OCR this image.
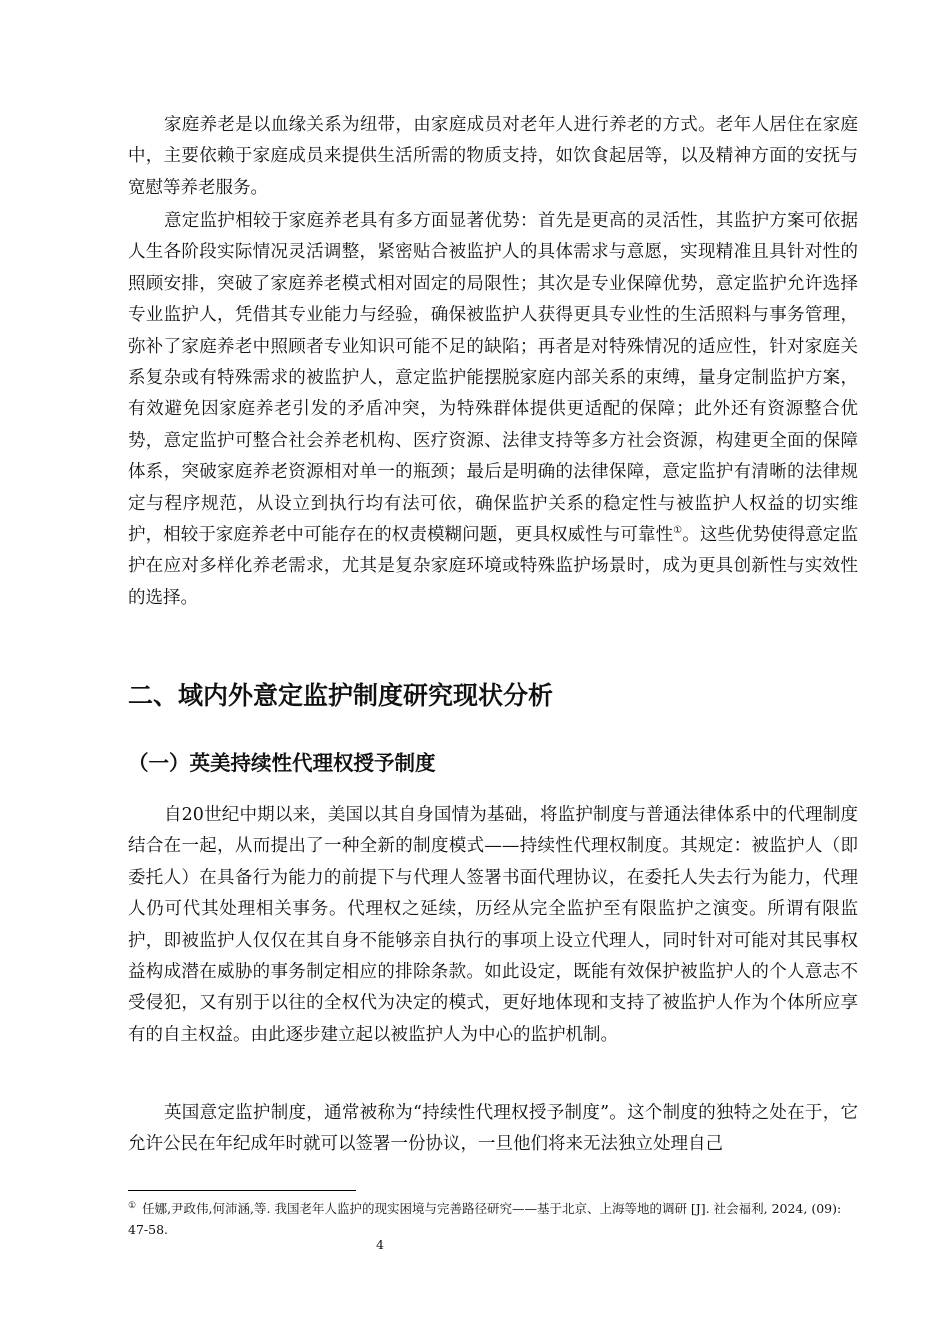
家庭养老是以血缘关系为纽带，由家庭成员对老年人进行养老的方式。老年人居住在家庭中，主要依赖于家庭成员来提供生活所需的物质支持，如饮食起居等，以及精神方面的安抚与宽慰等养老服务。

意定监护相较于家庭养老具有多方面显著优势：首先是更高的灵活性，其监护方案可依据人生各阶段实际情况灵活调整，紧密贴合被监护人的具体需求与意愿，实现精准且具针对性的照顾安排，突破了家庭养老模式相对固定的局限性；其次是专业保障优势，意定监护允许选择专业监护人，凭借其专业能力与经验，确保被监护人获得更具专业性的生活照料与事务管理，弥补了家庭养老中照顾者专业知识可能不足的缺陷；再者是对特殊情况的适应性，针对家庭关系复杂或有特殊需求的被监护人，意定监护能摆脱家庭内部关系的束缚，量身定制监护方案，有效避免因家庭养老引发的矛盾冲突，为特殊群体提供更适配的保障；此外还有资源整合优势，意定监护可整合社会养老机构、医疗资源、法律支持等多方社会资源，构建更全面的保障体系，突破家庭养老资源相对单一的瓶颈；最后是明确的法律保障，意定监护有清晰的法律规定与程序规范，从设立到执行均有法可依，确保监护关系的稳定性与被监护人权益的切实维护，相较于家庭养老中可能存在的权责模糊问题，更具权威性与可靠性①。这些优势使得意定监护在应对多样化养老需求，尤其是复杂家庭环境或特殊监护场景时，成为更具创新性与实效性的选择。

二、域内外意定监护制度研究现状分析
（一）英美持续性代理权授予制度

自20世纪中期以来，美国以其自身国情为基础，将监护制度与普通法律体系中的代理制度结合在一起，从而提出了一种全新的制度模式——持续性代理权制度。其规定：被监护人（即委托人）在具备行为能力的前提下与代理人签署书面代理协议，在委托人失去行为能力，代理人仍可代其处理相关事务。代理权之延续，历经从完全监护至有限监护之演变。所谓有限监护，即被监护人仅仅在其自身不能够亲自执行的事项上设立代理人，同时针对可能对其民事权益构成潜在威胁的事务制定相应的排除条款。如此设定，既能有效保护被监护人的个人意志不受侵犯，又有别于以往的全权代为决定的模式，更好地体现和支持了被监护人作为个体所应享有的自主权益。由此逐步建立起以被监护人为中心的监护机制。

英国意定监护制度，通常被称为“持续性代理权授予制度”。这个制度的独特之处在于，它允许公民在年纪成年时就可以签署一份协议，一旦他们将来无法独立处理自己

① 任娜,尹政伟,何沛涵,等. 我国老年人监护的现实困境与完善路径研究——基于北京、上海等地的调研 [J]. 社会福利, 2024, (09): 47-58.

4
